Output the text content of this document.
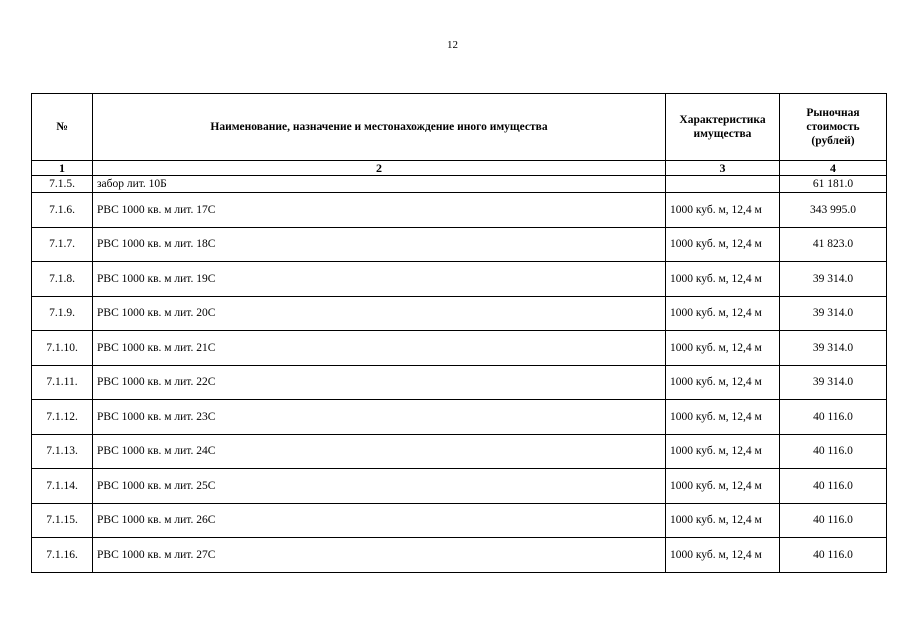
12
№	Наименование, назначение и местонахождение иного имущества	Характеристика имущества	Рыночная стоимость (рублей)
1	2	3	4
7.1.5.	забор лит. 10Б		61 181.0
7.1.6.	РВС 1000 кв. м лит. 17С	1000 куб. м, 12,4 м	343 995.0
7.1.7.	РВС 1000 кв. м лит. 18С	1000 куб. м, 12,4 м	41 823.0
7.1.8.	РВС 1000 кв. м лит. 19С	1000 куб. м, 12,4 м	39 314.0
7.1.9.	РВС 1000 кв. м лит. 20С	1000 куб. м, 12,4 м	39 314.0
7.1.10.	РВС 1000 кв. м лит. 21С	1000 куб. м, 12,4 м	39 314.0
7.1.11.	РВС 1000 кв. м лит. 22С	1000 куб. м, 12,4 м	39 314.0
7.1.12.	РВС 1000 кв. м лит. 23С	1000 куб. м, 12,4 м	40 116.0
7.1.13.	РВС 1000 кв. м лит. 24С	1000 куб. м, 12,4 м	40 116.0
7.1.14.	РВС 1000 кв. м лит. 25С	1000 куб. м, 12,4 м	40 116.0
7.1.15.	РВС 1000 кв. м лит. 26С	1000 куб. м, 12,4 м	40 116.0
7.1.16.	РВС 1000 кв. м лит. 27С	1000 куб. м, 12,4 м	40 116.0
